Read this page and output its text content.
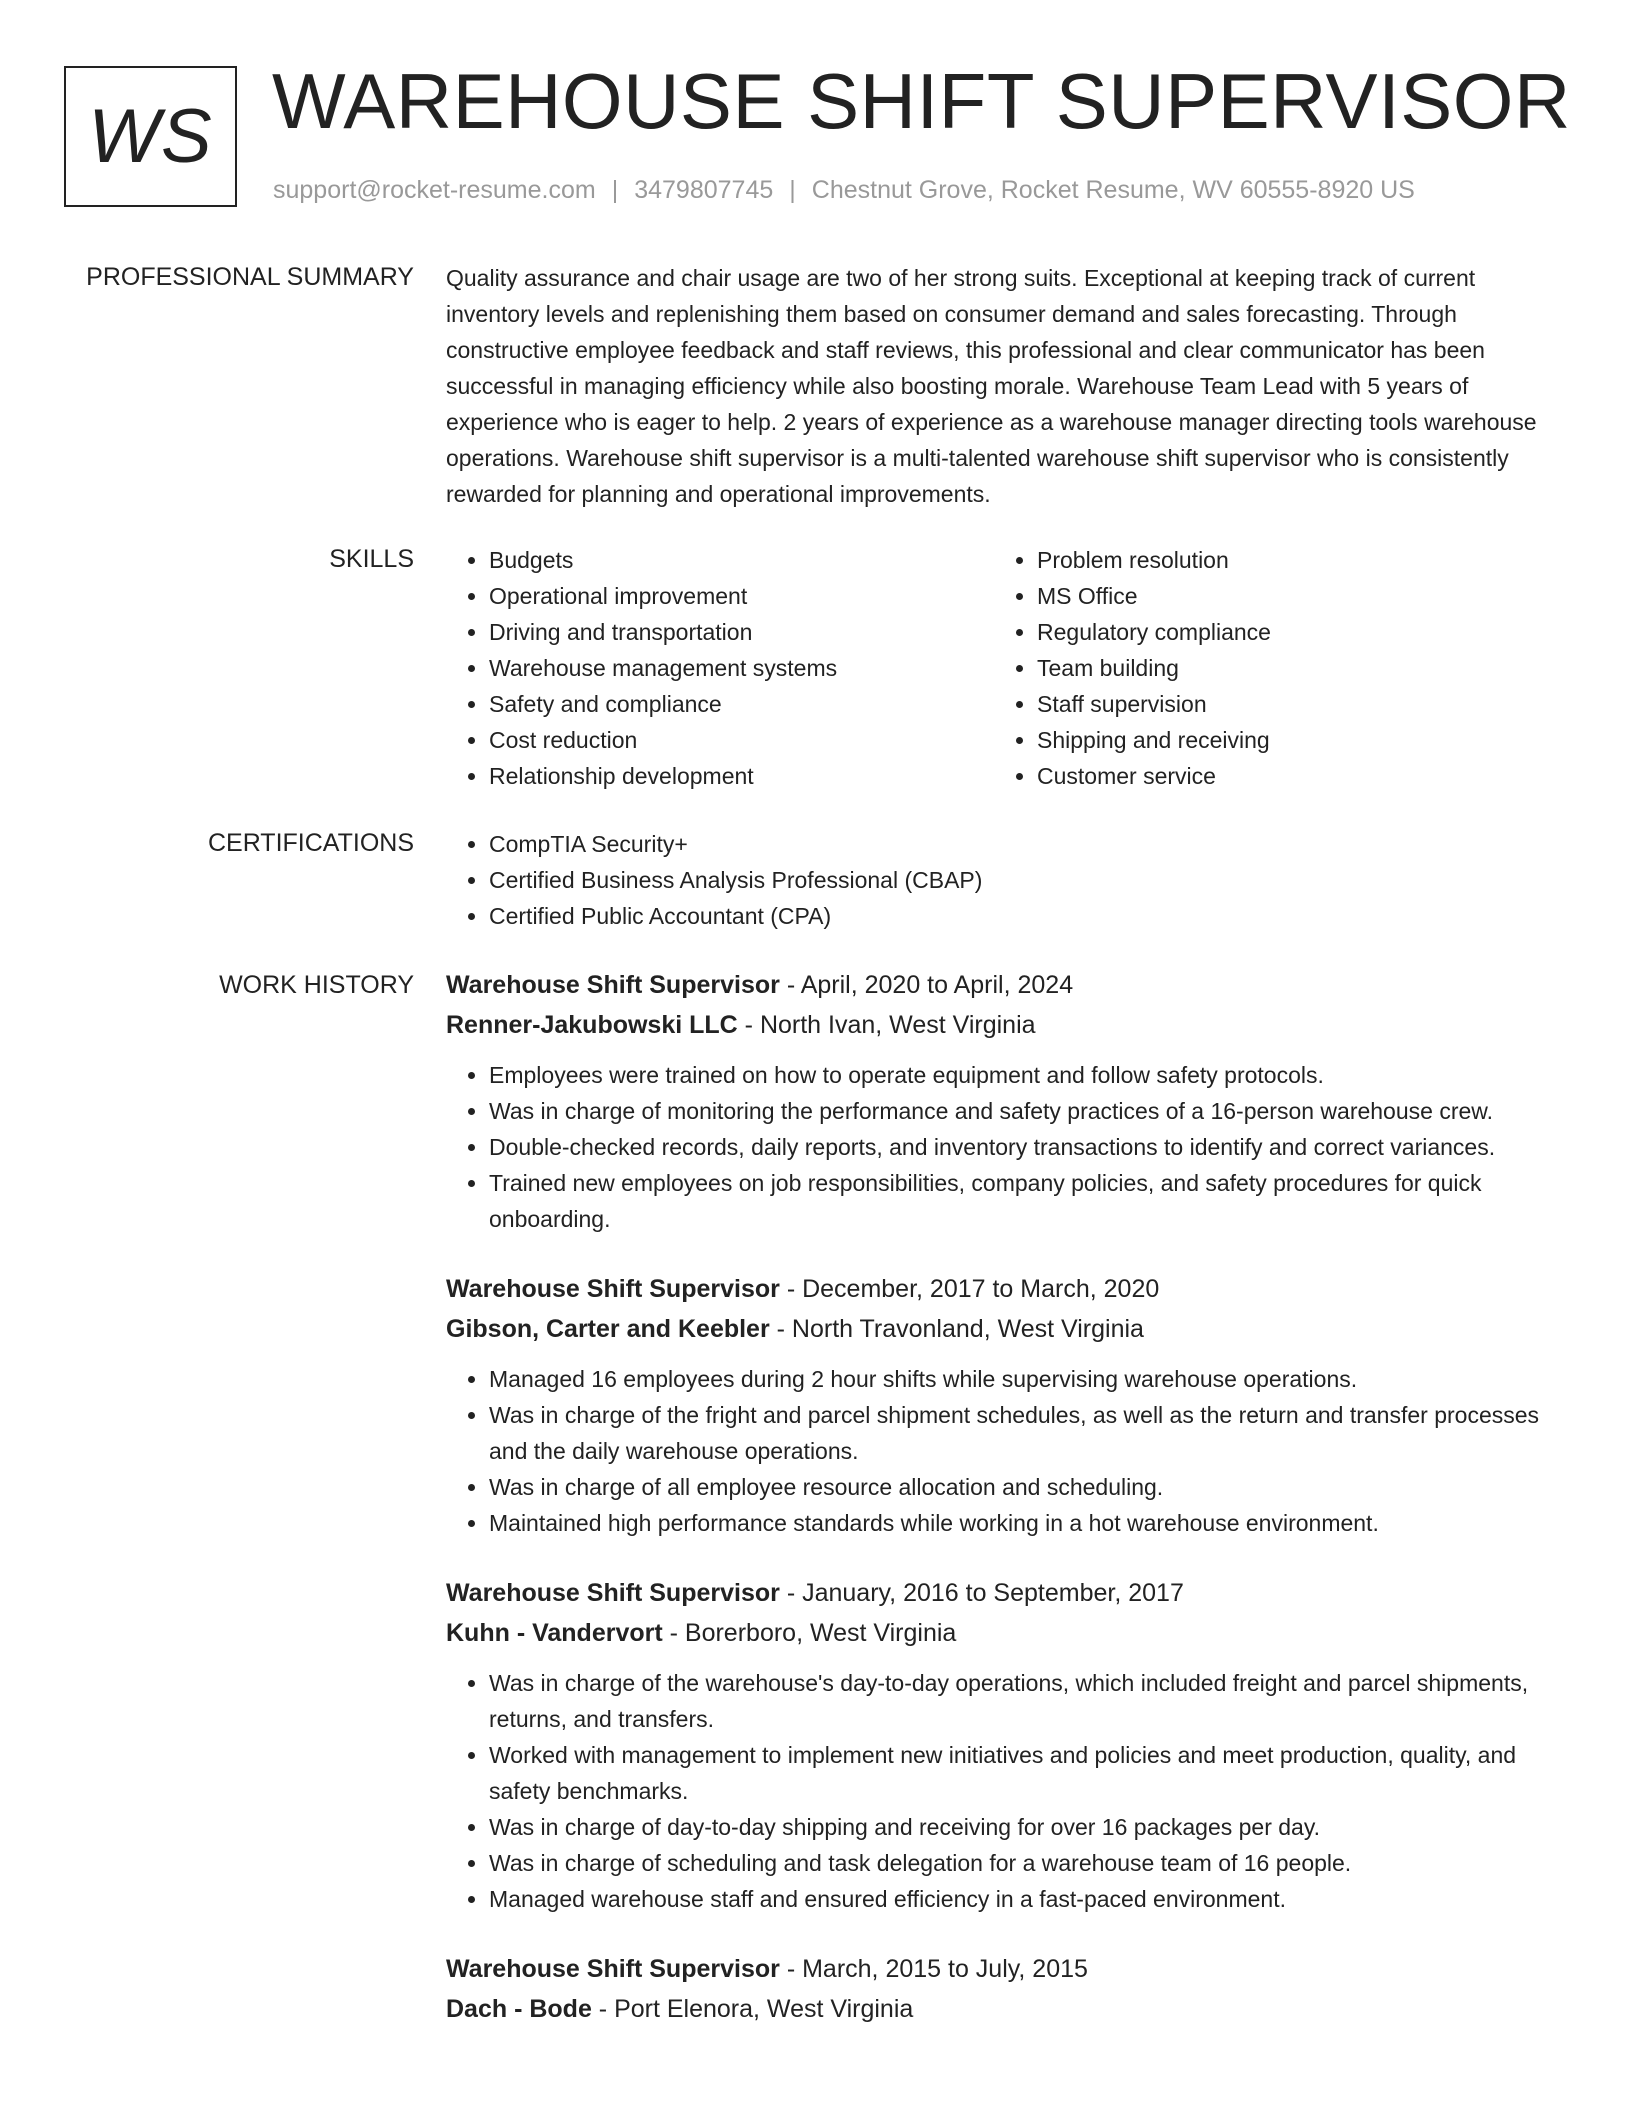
WS WAREHOUSE SHIFT SUPERVISOR
support@rocket-resume.com | 3479807745 | Chestnut Grove, Rocket Resume, WV 60555-8920 US
PROFESSIONAL SUMMARY Quality assurance and chair usage are two of her strong suits. Exceptional at keeping track of current inventory levels and replenishing them based on consumer demand and sales forecasting. Through constructive employee feedback and staff reviews, this professional and clear communicator has been successful in managing efficiency while also boosting morale. Warehouse Team Lead with 5 years of experience who is eager to help. 2 years of experience as a warehouse manager directing tools warehouse operations. Warehouse shift supervisor is a multi-talented warehouse shift supervisor who is consistently rewarded for planning and operational improvements.

SKILLS	• Budgets
• Operational improvement
• Driving and transportation
• Warehouse management systems
• Safety and compliance
• Cost reduction
• Relationship development
• Problem resolution
• MS Office
• Regulatory compliance
• Team building
• Staff supervision
• Shipping and receiving
• Customer service
CERTIFICATIONS	• CompTIA Security+
• Certified Business Analysis Professional (CBAP)
• Certified Public Accountant (CPA)
WORK HISTORY Warehouse Shift Supervisor - April, 2020 to April, 2024
Renner-Jakubowski LLC - North Ivan, West Virginia
• Employees were trained on how to operate equipment and follow safety protocols.
• Was in charge of monitoring the performance and safety practices of a 16-person warehouse crew.
• Double-checked records, daily reports, and inventory transactions to identify and correct variances.
• Trained new employees on job responsibilities, company policies, and safety procedures for quick onboarding.
Warehouse Shift Supervisor - December, 2017 to March, 2020
Gibson, Carter and Keebler - North Travonland, West Virginia
• Managed 16 employees during 2 hour shifts while supervising warehouse operations.
• Was in charge of the fright and parcel shipment schedules, as well as the return and transfer processes and the daily warehouse operations.
• Was in charge of all employee resource allocation and scheduling.
• Maintained high performance standards while working in a hot warehouse environment.
Warehouse Shift Supervisor - January, 2016 to September, 2017
Kuhn - Vandervort - Borerboro, West Virginia
• Was in charge of the warehouse's day-to-day operations, which included freight and parcel shipments, returns, and transfers.
• Worked with management to implement new initiatives and policies and meet production, quality, and safety benchmarks.
• Was in charge of day-to-day shipping and receiving for over 16 packages per day.
• Was in charge of scheduling and task delegation for a warehouse team of 16 people.
• Managed warehouse staff and ensured efficiency in a fast-paced environment.
Warehouse Shift Supervisor - March, 2015 to July, 2015
Dach - Bode - Port Elenora, West Virginia
